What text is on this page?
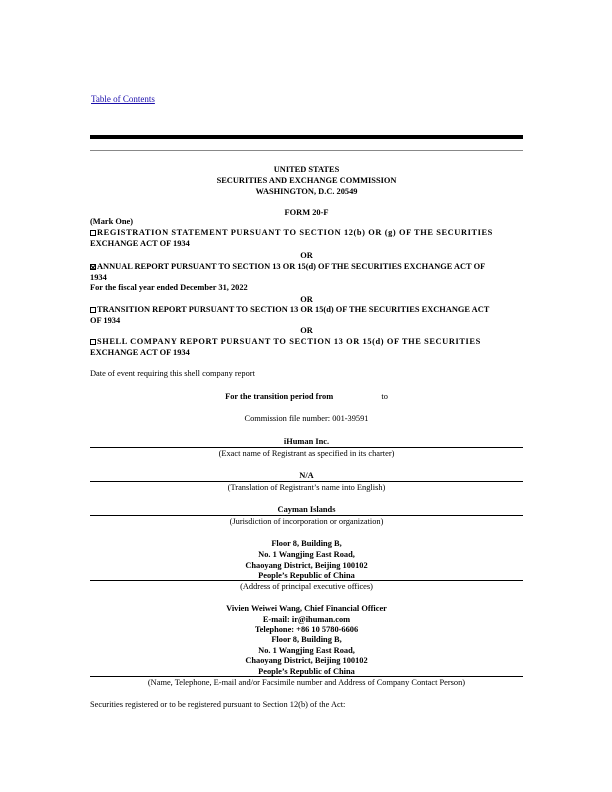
Table of Contents
UNITED STATES
SECURITIES AND EXCHANGE COMMISSION
WASHINGTON, D.C. 20549
FORM 20-F
(Mark One)
REGISTRATION STATEMENT PURSUANT TO SECTION 12(b) OR (g) OF THE SECURITIES
EXCHANGE ACT OF 1934
OR
ANNUAL REPORT PURSUANT TO SECTION 13 OR 15(d) OF THE SECURITIES EXCHANGE ACT OF
1934
For the fiscal year ended December 31, 2022
OR
TRANSITION REPORT PURSUANT TO SECTION 13 OR 15(d) OF THE SECURITIES EXCHANGE ACT
OF 1934
OR
SHELL COMPANY REPORT PURSUANT TO SECTION 13 OR 15(d) OF THE SECURITIES
EXCHANGE ACT OF 1934
Date of event requiring this shell company report
For the transition period from	to
Commission file number: 001-39591
iHuman Inc.
(Exact name of Registrant as specified in its charter)
N/A
(Translation of Registrant’s name into English)
Cayman Islands
(Jurisdiction of incorporation or organization)
Floor 8, Building B,
No. 1 Wangjing East Road,
Chaoyang District, Beijing 100102
People’s Republic of China
(Address of principal executive offices)
Vivien Weiwei Wang, Chief Financial Officer
E-mail: ir@ihuman.com
Telephone: +86 10 5780-6606
Floor 8, Building B,
No. 1 Wangjing East Road,
Chaoyang District, Beijing 100102
People’s Republic of China
(Name, Telephone, E-mail and/or Facsimile number and Address of Company Contact Person)
Securities registered or to be registered pursuant to Section 12(b) of the Act:
